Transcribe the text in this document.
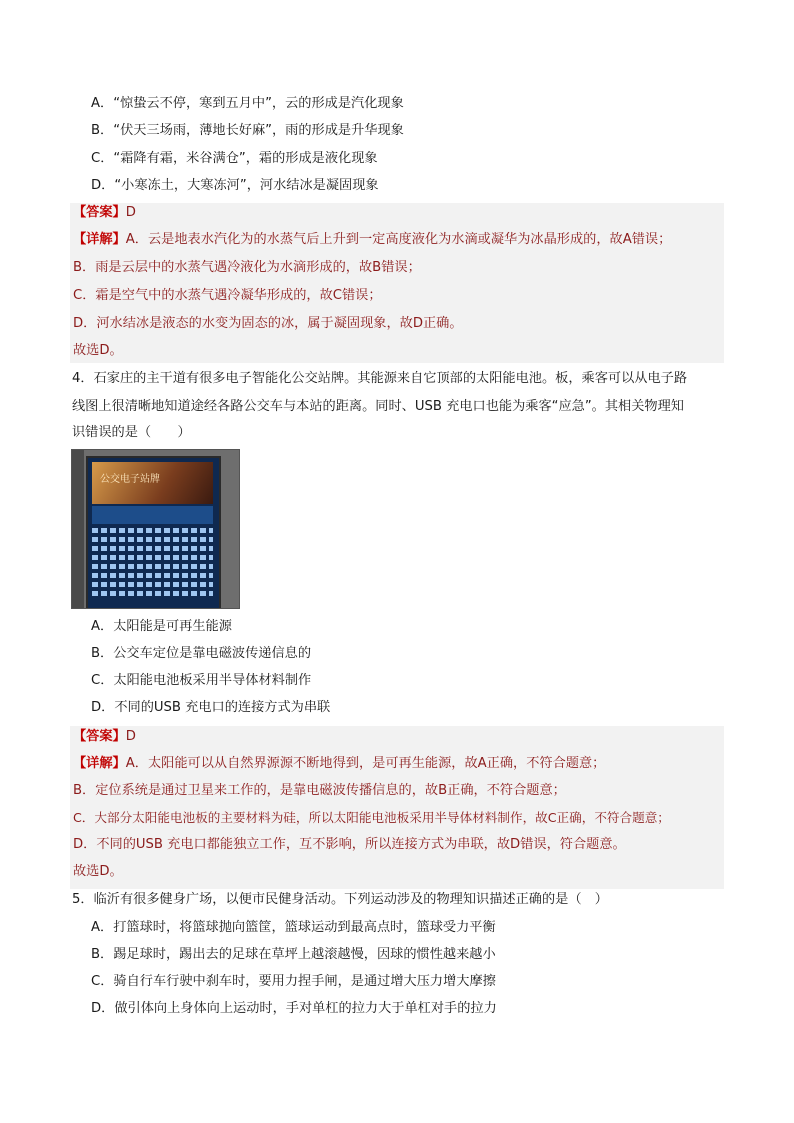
A．“惊蛰云不停，寒到五月中”，云的形成是汽化现象
B．“伏天三场雨，薄地长好麻”，雨的形成是升华现象
C．“霜降有霜，米谷满仓”，霜的形成是液化现象
D．“小寒冻土，大寒冻河”，河水结冰是凝固现象
【答案】D
【详解】A．云是地表水汽化为的水蒸气后上升到一定高度液化为水滴或凝华为冰晶形成的，故A错误；
B．雨是云层中的水蒸气遇冷液化为水滴形成的，故B错误；
C．霜是空气中的水蒸气遇冷凝华形成的，故C错误；
D．河水结冰是液态的水变为固态的冰，属于凝固现象，故D正确。
故选D。
4．石家庄的主干道有很多电子智能化公交站牌。其能源来自它顶部的太阳能电池。板，乘客可以从电子路
线图上很清晰地知道途经各路公交车与本站的距离。同时、USB 充电口也能为乘客“应急”。其相关物理知
识错误的是（　　）
公交电子站牌
A．太阳能是可再生能源
B．公交车定位是靠电磁波传递信息的
C．太阳能电池板采用半导体材料制作
D．不同的USB 充电口的连接方式为串联
【答案】D
【详解】A．太阳能可以从自然界源源不断地得到，是可再生能源，故A正确，不符合题意；
B．定位系统是通过卫星来工作的，是靠电磁波传播信息的，故B正确，不符合题意；
C．大部分太阳能电池板的主要材料为硅，所以太阳能电池板采用半导体材料制作，故C正确，不符合题意；
D．不同的USB 充电口都能独立工作，互不影响，所以连接方式为串联，故D错误，符合题意。
故选D。
5．临沂有很多健身广场，以便市民健身活动。下列运动涉及的物理知识描述正确的是（　）
A．打篮球时，将篮球抛向篮筐，篮球运动到最高点时，篮球受力平衡
B．踢足球时，踢出去的足球在草坪上越滚越慢，因球的惯性越来越小
C．骑自行车行驶中刹车时，要用力捏手闸，是通过增大压力增大摩擦
D．做引体向上身体向上运动时，手对单杠的拉力大于单杠对手的拉力
